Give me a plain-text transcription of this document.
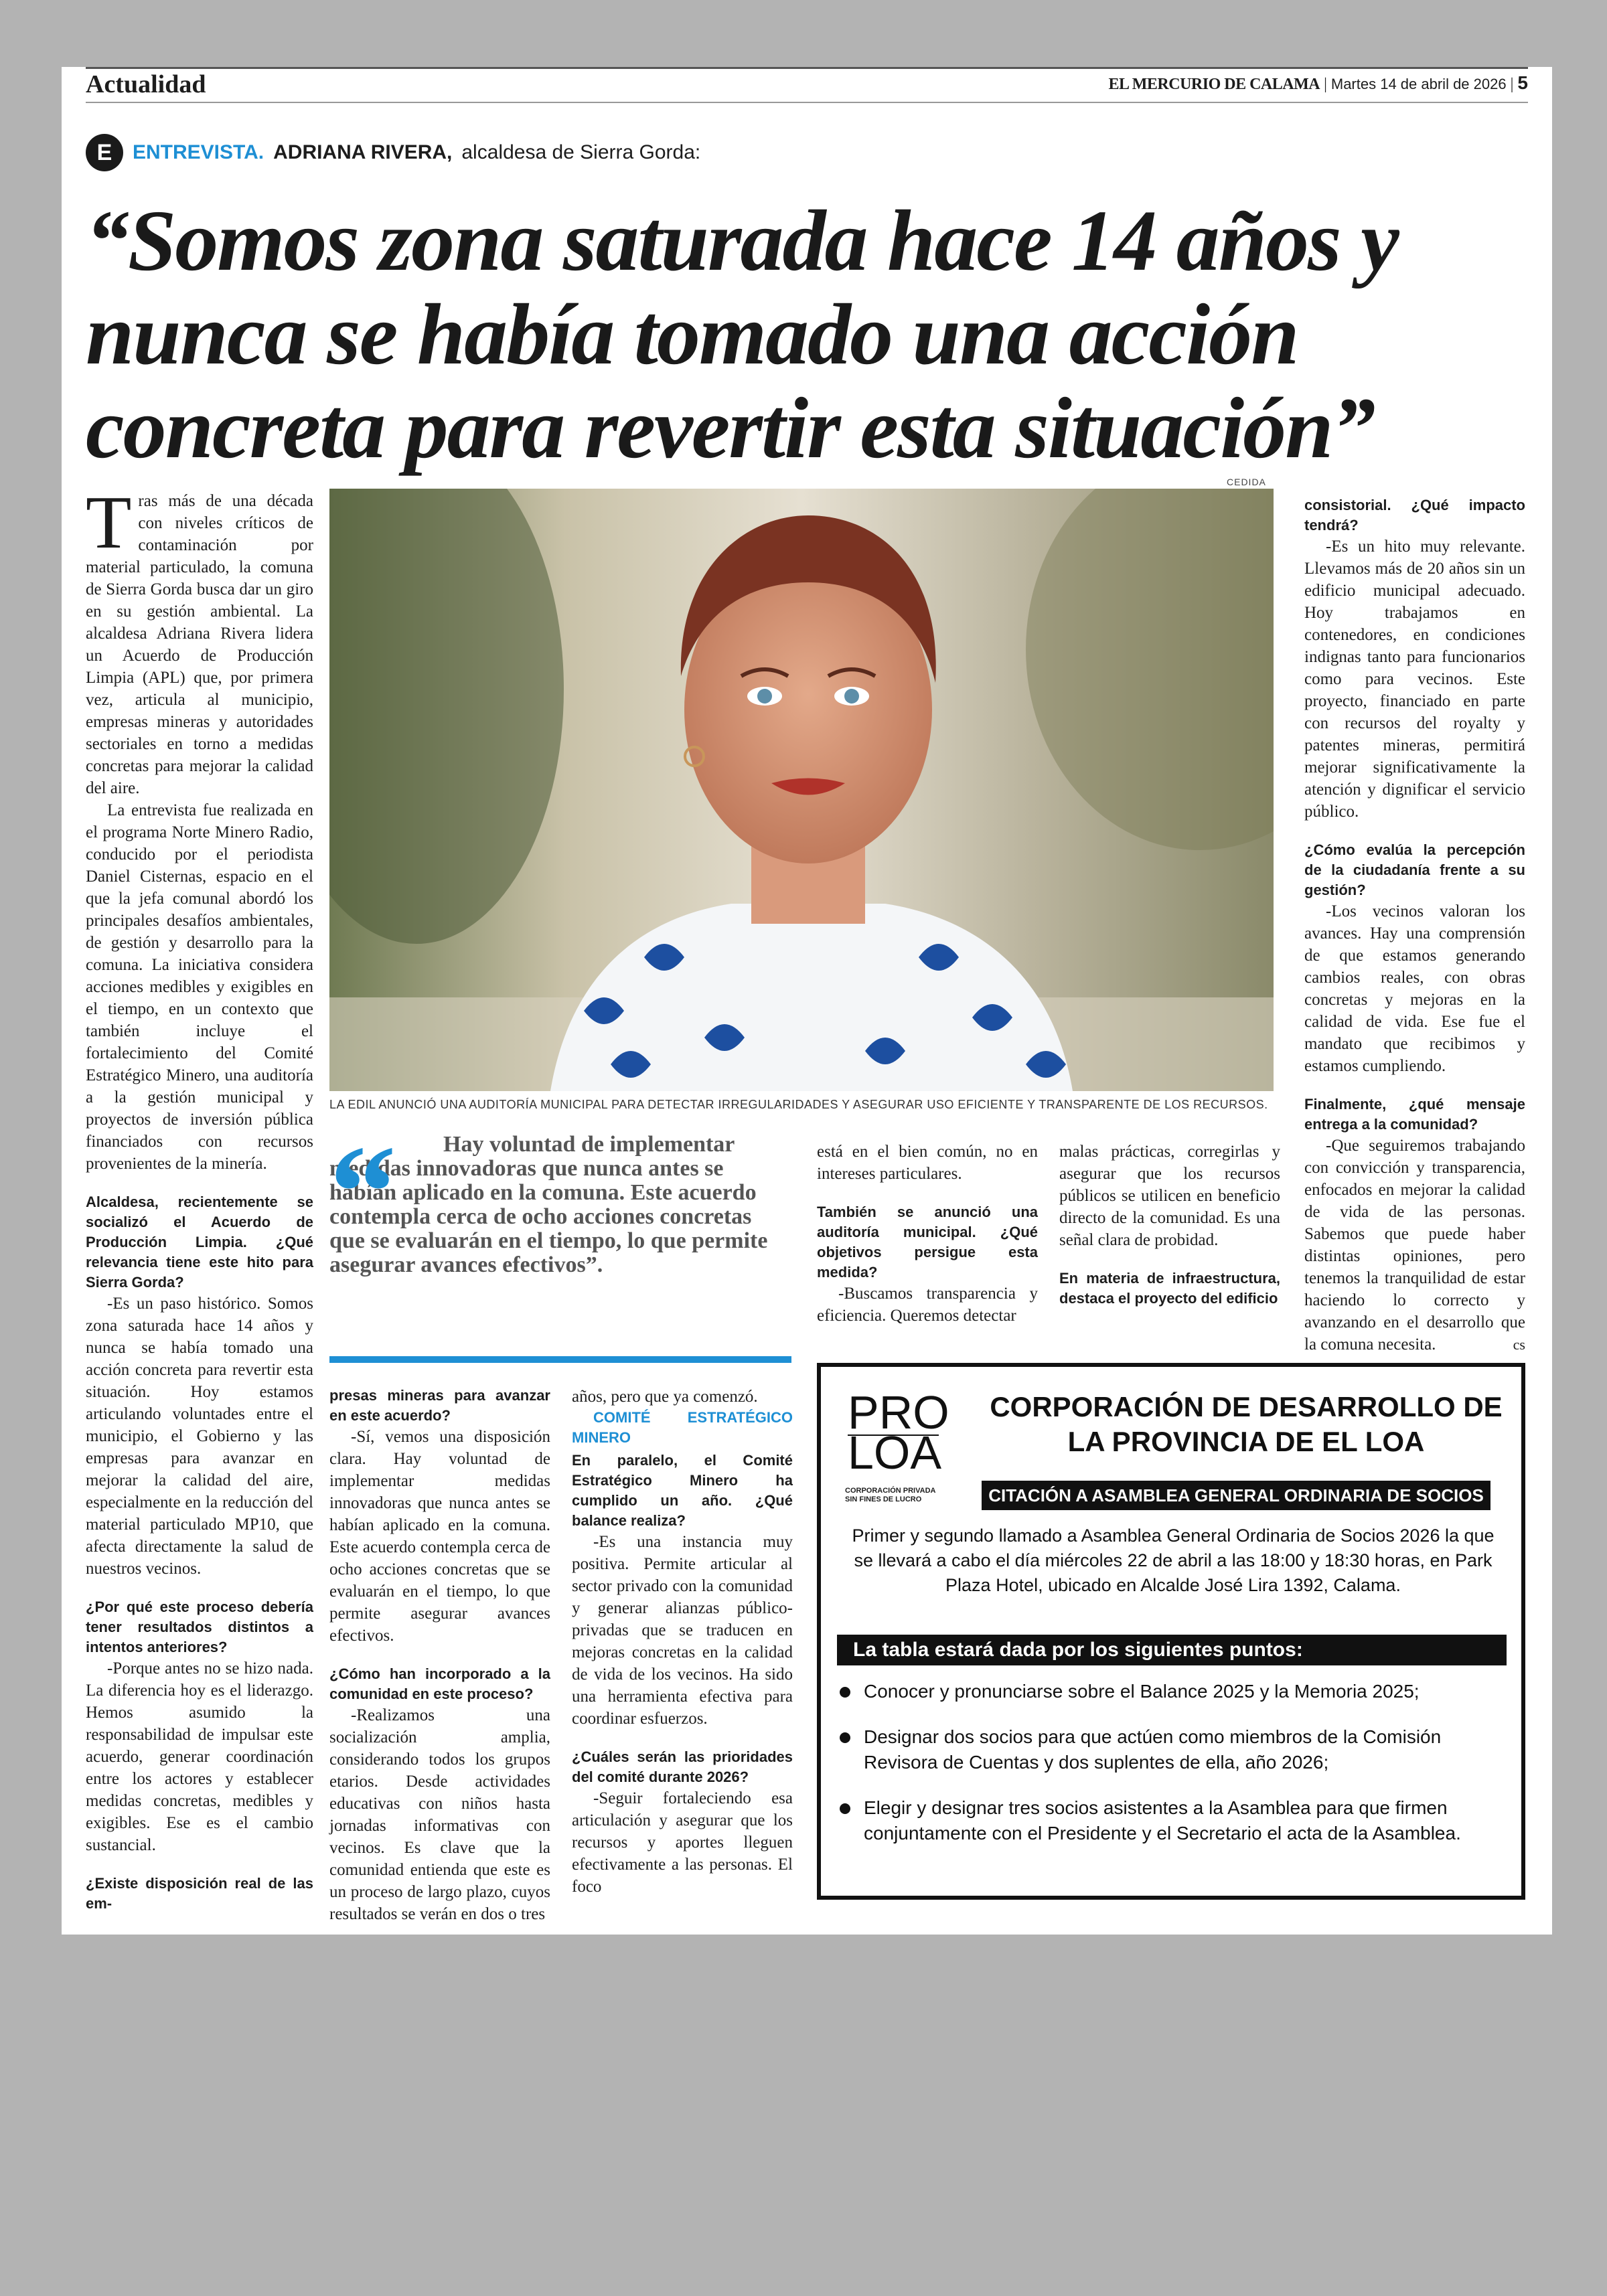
Actualidad	EL MERCURIO DE CALAMA | Martes 14 de abril de 2026 | 5
E	ENTREVISTA. ADRIANA RIVERA, alcaldesa de Sierra Gorda:
“Somos zona saturada hace 14 años y nunca se había tomado una acción concreta para revertir esta situación”

Tras más de una década con niveles críticos de contaminación por material particulado, la comuna de Sierra Gorda busca dar un giro en su gestión ambiental. La alcaldesa Adriana Rivera lidera un Acuerdo de Producción Limpia (APL) que, por primera vez, articula al municipio, empresas mineras y autoridades sectoriales en torno a medidas concretas para mejorar la calidad del aire.

La entrevista fue realizada en el programa Norte Minero Radio, conducido por el periodista Daniel Cisternas, espacio en el que la jefa comunal abordó los principales desafíos ambientales, de gestión y desarrollo para la comuna. La iniciativa considera acciones medibles y exigibles en el tiempo, en un contexto que también incluye el fortalecimiento del Comité Estratégico Minero, una auditoría a la gestión municipal y proyectos de inversión pública financiados con recursos provenientes de la minería.

Alcaldesa, recientemente se socializó el Acuerdo de Producción Limpia. ¿Qué relevancia tiene este hito para Sierra Gorda?

-Es un paso histórico. Somos zona saturada hace 14 años y nunca se había tomado una acción concreta para revertir esta situación. Hoy estamos articulando voluntades entre el municipio, el Gobierno y las empresas para avanzar en mejorar la calidad del aire, especialmente en la reducción del material particulado MP10, que afecta directamente la salud de nuestros vecinos.

¿Por qué este proceso debería tener resultados distintos a intentos anteriores?

-Porque antes no se hizo nada. La diferencia hoy es el liderazgo. Hemos asumido la responsabilidad de impulsar este acuerdo, generar coordinación entre los actores y establecer medidas concretas, medibles y exigibles. Ese es el cambio sustancial.

¿Existe disposición real de las em-

CEDIDA
LA EDIL ANUNCIÓ UNA AUDITORÍA MUNICIPAL PARA DETECTAR IRREGULARIDADES Y ASEGURAR USO EFICIENTE Y TRANSPARENTE DE LOS RECURSOS.
“	Hay voluntad de implementar medidas innovadoras que nunca antes se habían aplicado en la comuna. Este acuerdo contempla cerca de ocho acciones concretas que se evaluarán en el tiempo, lo que permite asegurar avances efectivos”.

presas mineras para avanzar en este acuerdo?

-Sí, vemos una disposición clara. Hay voluntad de implementar medidas innovadoras que nunca antes se habían aplicado en la comuna. Este acuerdo contempla cerca de ocho acciones concretas que se evaluarán en el tiempo, lo que permite asegurar avances efectivos.

¿Cómo han incorporado a la comunidad en este proceso?

-Realizamos una socialización amplia, considerando todos los grupos etarios. Desde actividades educativas con niños hasta jornadas informativas con vecinos. Es clave que la comunidad entienda que este es un proceso de largo plazo, cuyos resultados se verán en dos o tres

años, pero que ya comenzó.

COMITÉ ESTRATÉGICO MINERO

En paralelo, el Comité Estratégico Minero ha cumplido un año. ¿Qué balance realiza?

-Es una instancia muy positiva. Permite articular al sector privado con la comunidad y generar alianzas público-privadas que se traducen en mejoras concretas en la calidad de vida de los vecinos. Ha sido una herramienta efectiva para coordinar esfuerzos.

¿Cuáles serán las prioridades del comité durante 2026?

-Seguir fortaleciendo esa articulación y asegurar que los recursos y aportes lleguen efectivamente a las personas. El foco

está en el bien común, no en intereses particulares.

También se anunció una auditoría municipal. ¿Qué objetivos persigue esta medida?

-Buscamos transparencia y eficiencia. Queremos detectar

malas prácticas, corregirlas y asegurar que los recursos públicos se utilicen en beneficio directo de la comunidad. Es una señal clara de probidad.

En materia de infraestructura, destaca el proyecto del edificio

consistorial. ¿Qué impacto tendrá?

-Es un hito muy relevante. Llevamos más de 20 años sin un edificio municipal adecuado. Hoy trabajamos en contenedores, en condiciones indignas tanto para funcionarios como para vecinos. Este proyecto, financiado en parte con recursos del royalty y patentes mineras, permitirá mejorar significativamente la atención y dignificar el servicio público.

¿Cómo evalúa la percepción de la ciudadanía frente a su gestión?

-Los vecinos valoran los avances. Hay una comprensión de que estamos generando cambios reales, con obras concretas y mejoras en la calidad de vida. Ese fue el mandato que recibimos y estamos cumpliendo.

Finalmente, ¿qué mensaje entrega a la comunidad?

-Que seguiremos trabajando con convicción y transparencia, enfocados en mejorar la calidad de vida de las personas. Sabemos que puede haber distintas opiniones, pero tenemos la tranquilidad de estar haciendo lo correcto y avanzando en el desarrollo que la comuna necesita.	cs

PRO
LOA
CORPORACIÓN PRIVADA SIN FINES DE LUCRO
CORPORACIÓN DE DESARROLLO DE LA PROVINCIA DE EL LOA
CITACIÓN A ASAMBLEA GENERAL ORDINARIA DE SOCIOS

Primer y segundo llamado a Asamblea General Ordinaria de Socios 2026 la que se llevará a cabo el día miércoles 22 de abril a las 18:00 y 18:30 horas, en Park Plaza Hotel, ubicado en Alcalde José Lira 1392, Calama.

La tabla estará dada por los siguientes puntos:
Conocer y pronunciarse sobre el Balance 2025 y la Memoria 2025;
Designar dos socios para que actúen como miembros de la Comisión Revisora de Cuentas y dos suplentes de ella, año 2026;
Elegir y designar tres socios asistentes a la Asamblea para que firmen conjuntamente con el Presidente y el Secretario el acta de la Asamblea.
